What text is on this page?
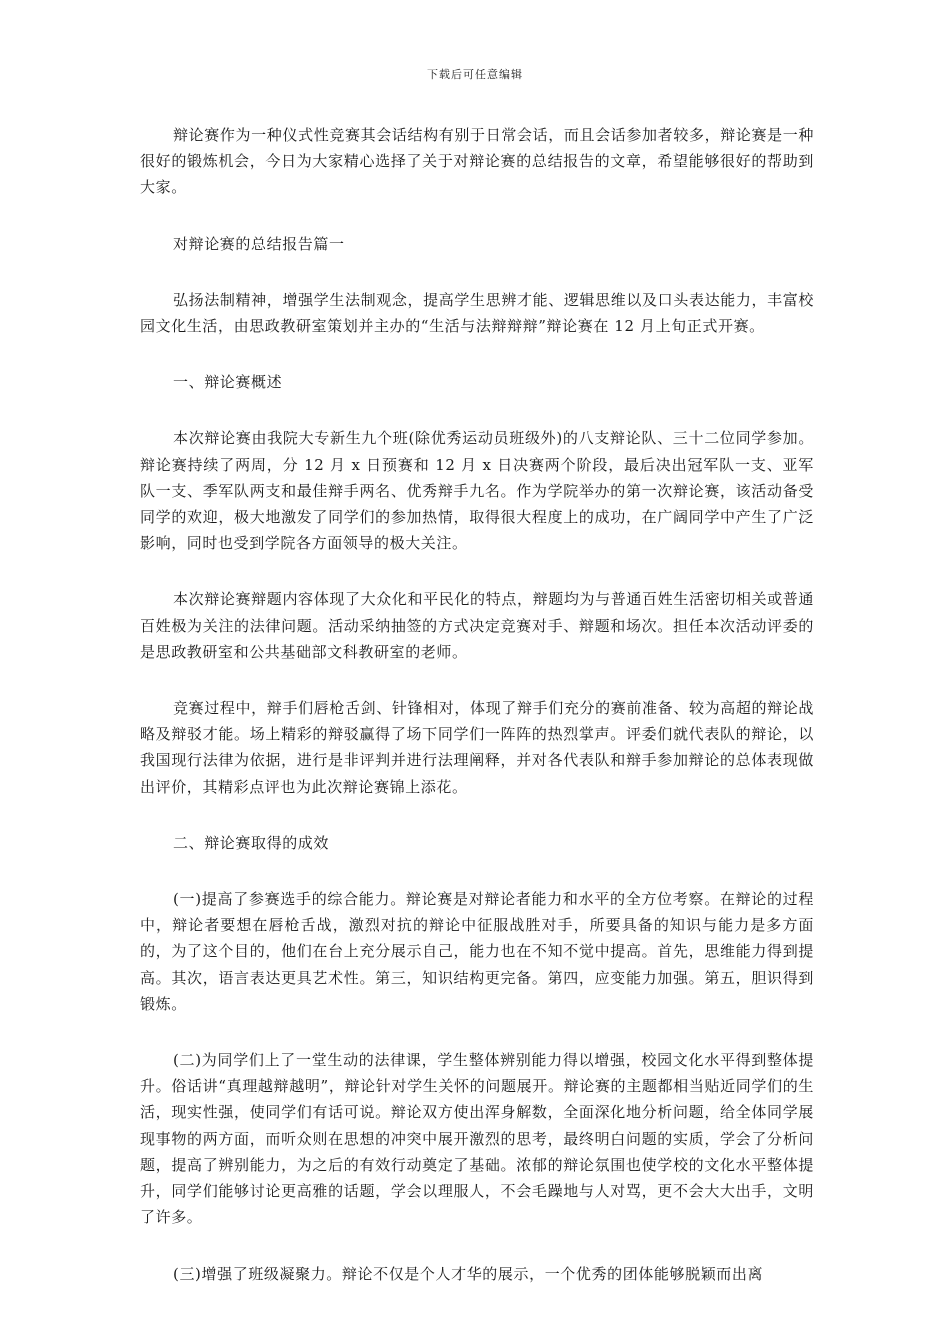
下载后可任意编辑

辩论赛作为一种仪式性竞赛其会话结构有别于日常会话，而且会话参加者较多，辩论赛是一种很好的锻炼机会，今日为大家精心选择了关于对辩论赛的总结报告的文章，希望能够很好的帮助到大家。

对辩论赛的总结报告篇一

弘扬法制精神，增强学生法制观念，提高学生思辨才能、逻辑思维以及口头表达能力，丰富校园文化生活，由思政教研室策划并主办的“生活与法辩辩辩”辩论赛在 12 月上旬正式开赛。

一、辩论赛概述

本次辩论赛由我院大专新生九个班(除优秀运动员班级外)的八支辩论队、三十二位同学参加。辩论赛持续了两周，分 12 月 x 日预赛和 12 月 x 日决赛两个阶段，最后决出冠军队一支、亚军队一支、季军队两支和最佳辩手两名、优秀辩手九名。作为学院举办的第一次辩论赛，该活动备受同学的欢迎，极大地激发了同学们的参加热情，取得很大程度上的成功，在广阔同学中产生了广泛影响，同时也受到学院各方面领导的极大关注。

本次辩论赛辩题内容体现了大众化和平民化的特点，辩题均为与普通百姓生活密切相关或普通百姓极为关注的法律问题。活动采纳抽签的方式决定竞赛对手、辩题和场次。担任本次活动评委的是思政教研室和公共基础部文科教研室的老师。

竞赛过程中，辩手们唇枪舌剑、针锋相对，体现了辩手们充分的赛前准备、较为高超的辩论战略及辩驳才能。场上精彩的辩驳赢得了场下同学们一阵阵的热烈掌声。评委们就代表队的辩论，以我国现行法律为依据，进行是非评判并进行法理阐释，并对各代表队和辩手参加辩论的总体表现做出评价，其精彩点评也为此次辩论赛锦上添花。

二、辩论赛取得的成效

(一)提高了参赛选手的综合能力。辩论赛是对辩论者能力和水平的全方位考察。在辩论的过程中，辩论者要想在唇枪舌战，激烈对抗的辩论中征服战胜对手，所要具备的知识与能力是多方面的，为了这个目的，他们在台上充分展示自己，能力也在不知不觉中提高。首先，思维能力得到提高。其次，语言表达更具艺术性。第三，知识结构更完备。第四，应变能力加强。第五，胆识得到锻炼。

(二)为同学们上了一堂生动的法律课，学生整体辨别能力得以增强，校园文化水平得到整体提升。俗话讲“真理越辩越明”，辩论针对学生关怀的问题展开。辩论赛的主题都相当贴近同学们的生活，现实性强，使同学们有话可说。辩论双方使出浑身解数，全面深化地分析问题，给全体同学展现事物的两方面，而听众则在思想的冲突中展开激烈的思考，最终明白问题的实质，学会了分析问题，提高了辨别能力，为之后的有效行动奠定了基础。浓郁的辩论氛围也使学校的文化水平整体提升，同学们能够讨论更高雅的话题，学会以理服人，不会毛躁地与人对骂，更不会大大出手，文明了许多。

(三)增强了班级凝聚力。辩论不仅是个人才华的展示，一个优秀的团体能够脱颖而出离
